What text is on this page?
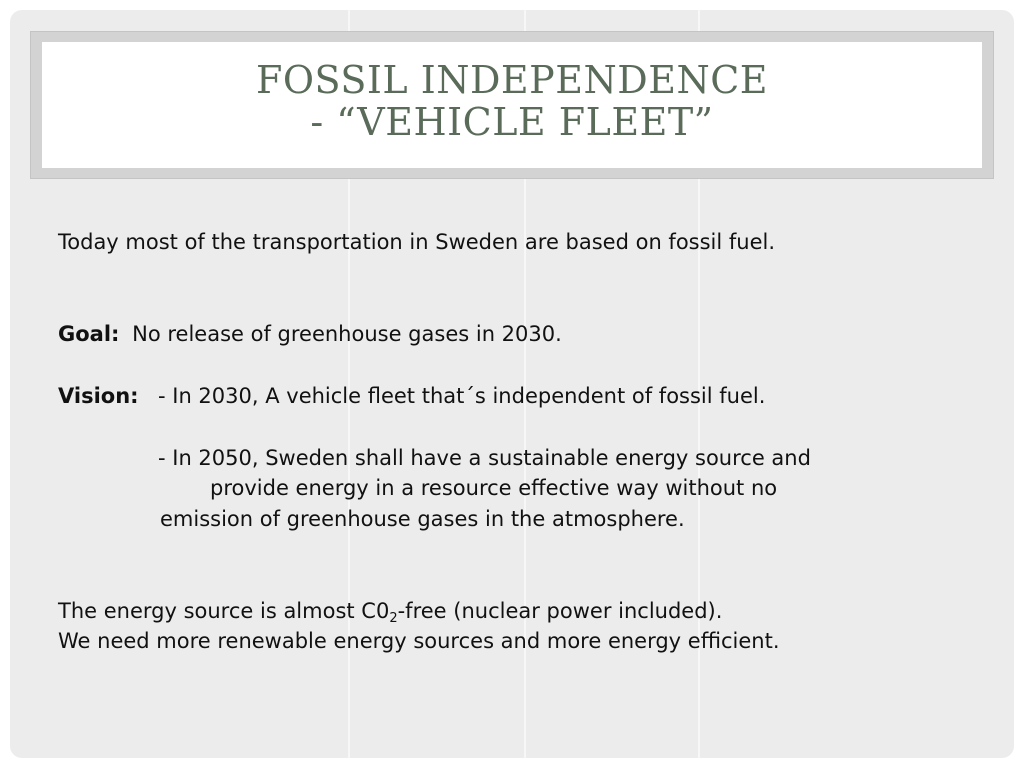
FOSSIL INDEPENDENCE
- “VEHICLE FLEET”
Today most of the transportation in Sweden are based on fossil fuel.
Goal: No release of greenhouse gases in 2030.
Vision: - In 2030, A vehicle fleet that´s independent of fossil fuel.
- In 2050, Sweden shall have a sustainable energy source and
provide energy in a resource effective way without no
emission of greenhouse gases in the atmosphere.
The energy source is almost $C0_2$-free (nuclear power included).
We need more renewable energy sources and more energy efficient.
